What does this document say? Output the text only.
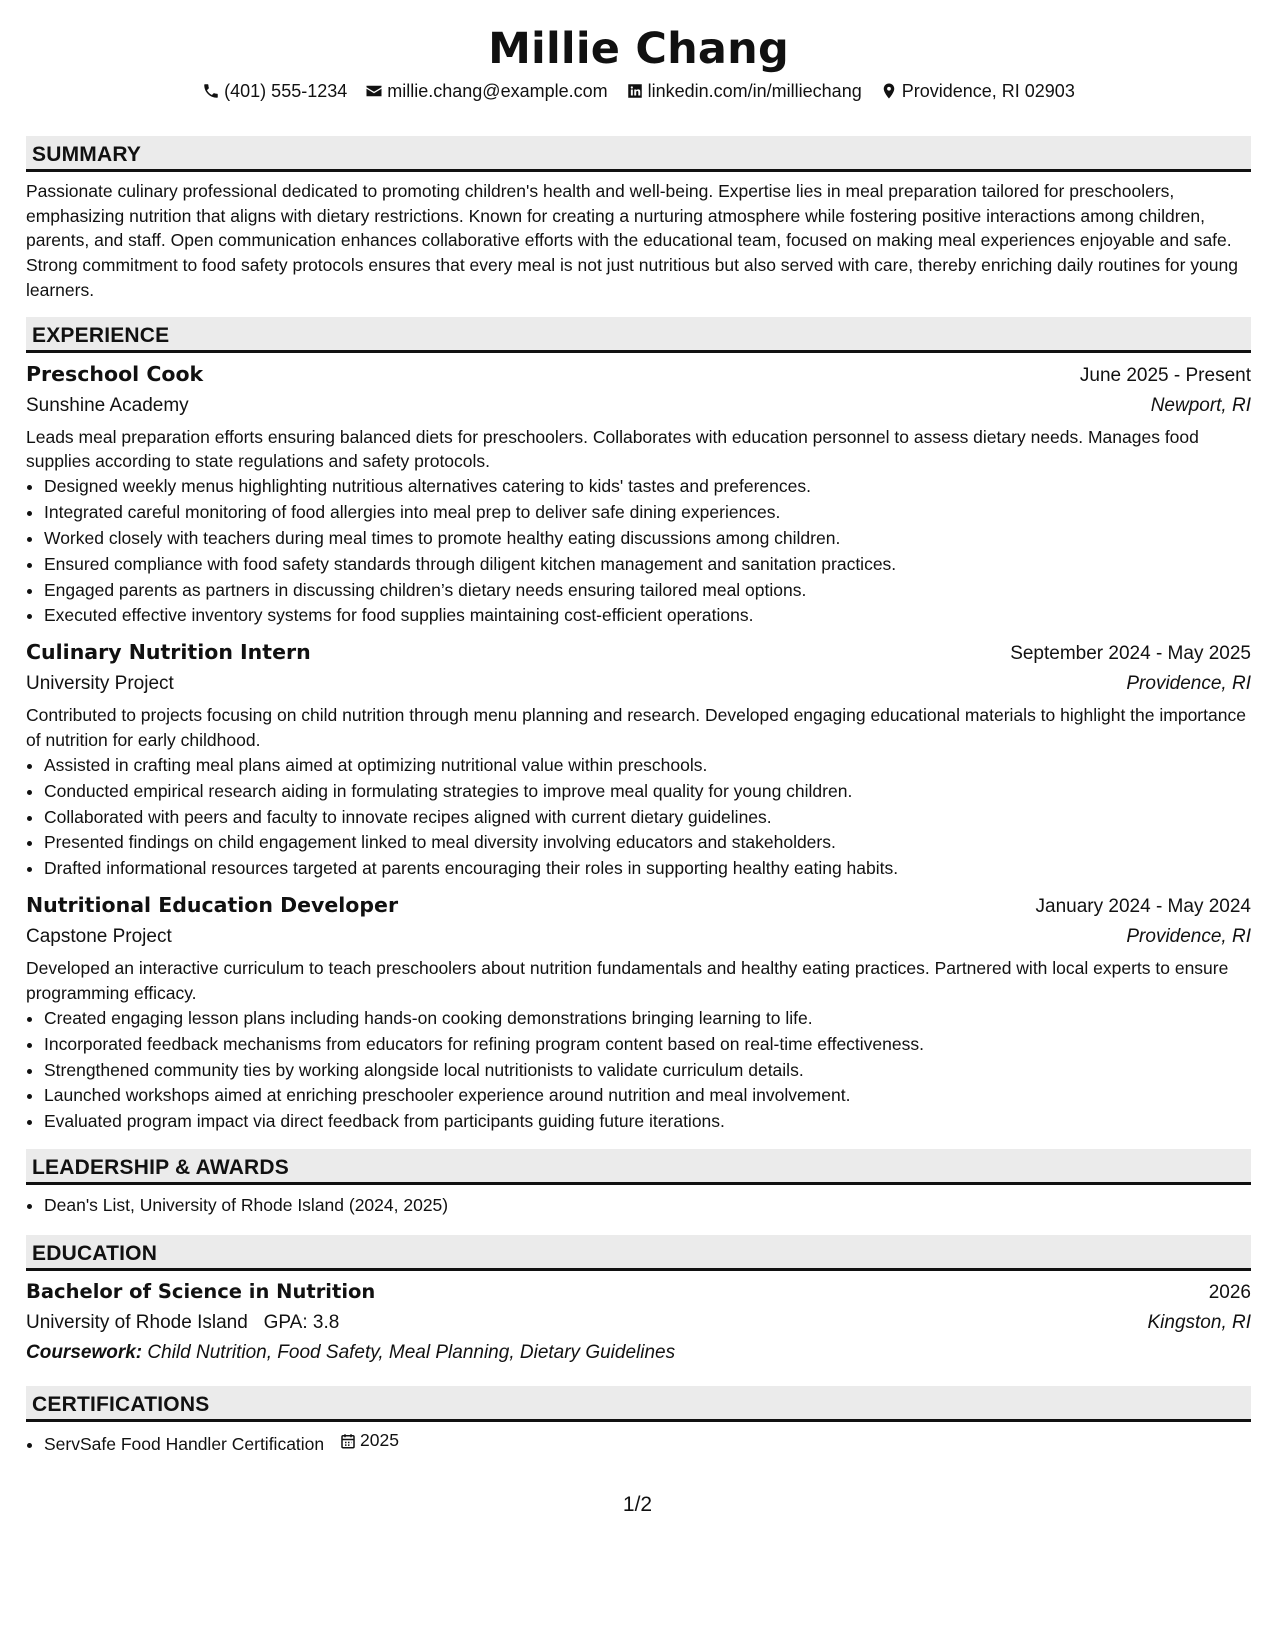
Millie Chang
(401) 555-1234 millie.chang@example.com linkedin.com/in/milliechang Providence, RI 02903
SUMMARY

Passionate culinary professional dedicated to promoting children's health and well-being. Expertise lies in meal preparation tailored for preschoolers, emphasizing nutrition that aligns with dietary restrictions. Known for creating a nurturing atmosphere while fostering positive interactions among children, parents, and staff. Open communication enhances collaborative efforts with the educational team, focused on making meal experiences enjoyable and safe. Strong commitment to food safety protocols ensures that every meal is not just nutritious but also served with care, thereby enriching daily routines for young learners.

EXPERIENCE
Preschool Cook	June 2025 - Present
Sunshine Academy	Newport, RI

Leads meal preparation efforts ensuring balanced diets for preschoolers. Collaborates with education personnel to assess dietary needs. Manages food supplies according to state regulations and safety protocols.

• Designed weekly menus highlighting nutritious alternatives catering to kids' tastes and preferences.
• Integrated careful monitoring of food allergies into meal prep to deliver safe dining experiences.
• Worked closely with teachers during meal times to promote healthy eating discussions among children.
• Ensured compliance with food safety standards through diligent kitchen management and sanitation practices.
• Engaged parents as partners in discussing children’s dietary needs ensuring tailored meal options.
• Executed effective inventory systems for food supplies maintaining cost-efficient operations.
Culinary Nutrition Intern	September 2024 - May 2025
University Project	Providence, RI

Contributed to projects focusing on child nutrition through menu planning and research. Developed engaging educational materials to highlight the importance of nutrition for early childhood.

• Assisted in crafting meal plans aimed at optimizing nutritional value within preschools.
• Conducted empirical research aiding in formulating strategies to improve meal quality for young children.
• Collaborated with peers and faculty to innovate recipes aligned with current dietary guidelines.
• Presented findings on child engagement linked to meal diversity involving educators and stakeholders.
• Drafted informational resources targeted at parents encouraging their roles in supporting healthy eating habits.
Nutritional Education Developer	January 2024 - May 2024
Capstone Project	Providence, RI

Developed an interactive curriculum to teach preschoolers about nutrition fundamentals and healthy eating practices. Partnered with local experts to ensure programming efficacy.

• Created engaging lesson plans including hands-on cooking demonstrations bringing learning to life.
• Incorporated feedback mechanisms from educators for refining program content based on real-time effectiveness.
• Strengthened community ties by working alongside local nutritionists to validate curriculum details.
• Launched workshops aimed at enriching preschooler experience around nutrition and meal involvement.
• Evaluated program impact via direct feedback from participants guiding future iterations.
LEADERSHIP & AWARDS
• Dean's List, University of Rhode Island (2024, 2025)
EDUCATION
Bachelor of Science in Nutrition	2026
University of Rhode Island GPA: 3.8	Kingston, RI
Coursework: Child Nutrition, Food Safety, Meal Planning, Dietary Guidelines
CERTIFICATIONS
• ServSafe Food Handler Certification 2025
1/2
